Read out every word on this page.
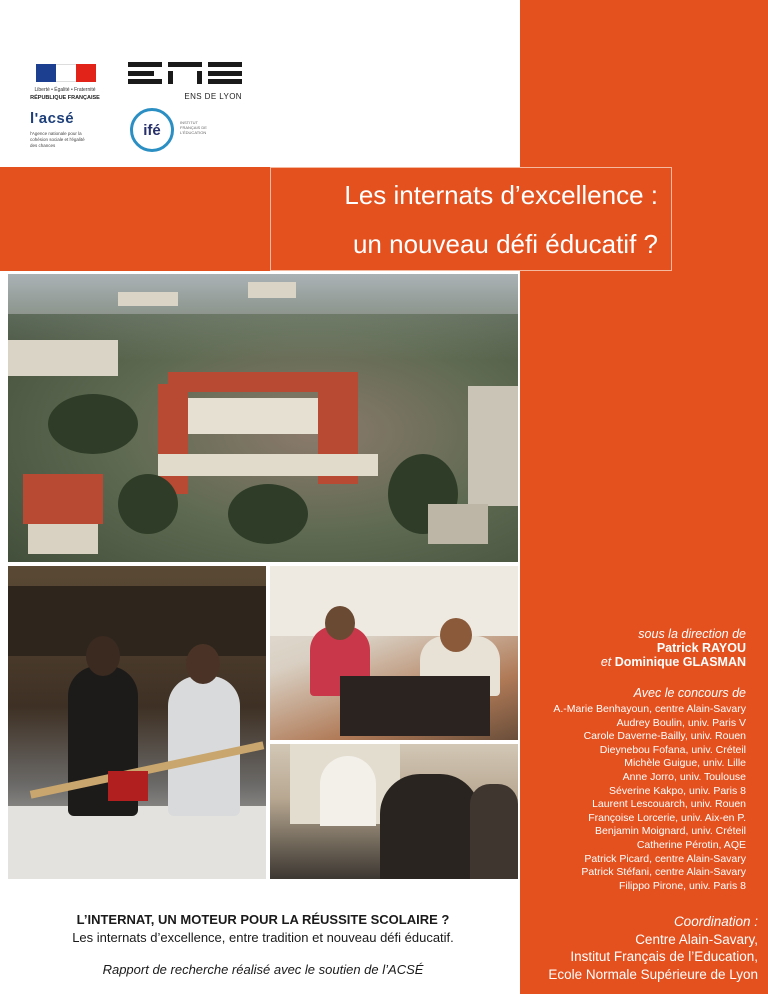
Les internats d’excellence :
un nouveau défi éducatif ?
Liberté • Égalité • Fraternité
RÉPUBLIQUE FRANÇAISE
l'acsé
l'Agence nationale pour la cohésion sociale et l'égalité des chances
ENS DE LYON
ifé	INSTITUT FRANÇAIS DE L'ÉDUCATION
sous la direction de
Patrick RAYOU
et Dominique GLASMAN
Avec le concours de
A.-Marie Benhayoun, centre Alain-Savary
Audrey Boulin, univ. Paris V
Carole Daverne-Bailly, univ. Rouen
Dieynebou Fofana, univ. Créteil
Michèle Guigue, univ. Lille
Anne Jorro, univ. Toulouse
Séverine Kakpo, univ. Paris 8
Laurent Lescouarch, univ. Rouen
Françoise Lorcerie, univ. Aix-en P.
Benjamin Moignard, univ. Créteil
Catherine Pérotin, AQE
Patrick Picard, centre Alain-Savary
Patrick Stéfani, centre Alain-Savary
Filippo Pirone, univ. Paris 8
L’INTERNAT, UN MOTEUR POUR LA RÉUSSITE SCOLAIRE ?
Les internats d’excellence, entre tradition et nouveau défi éducatif.
Rapport de recherche réalisé avec le soutien de l’ACSÉ
Coordination :
Centre Alain-Savary,
Institut Français de l’Education,
Ecole Normale Supérieure de Lyon
